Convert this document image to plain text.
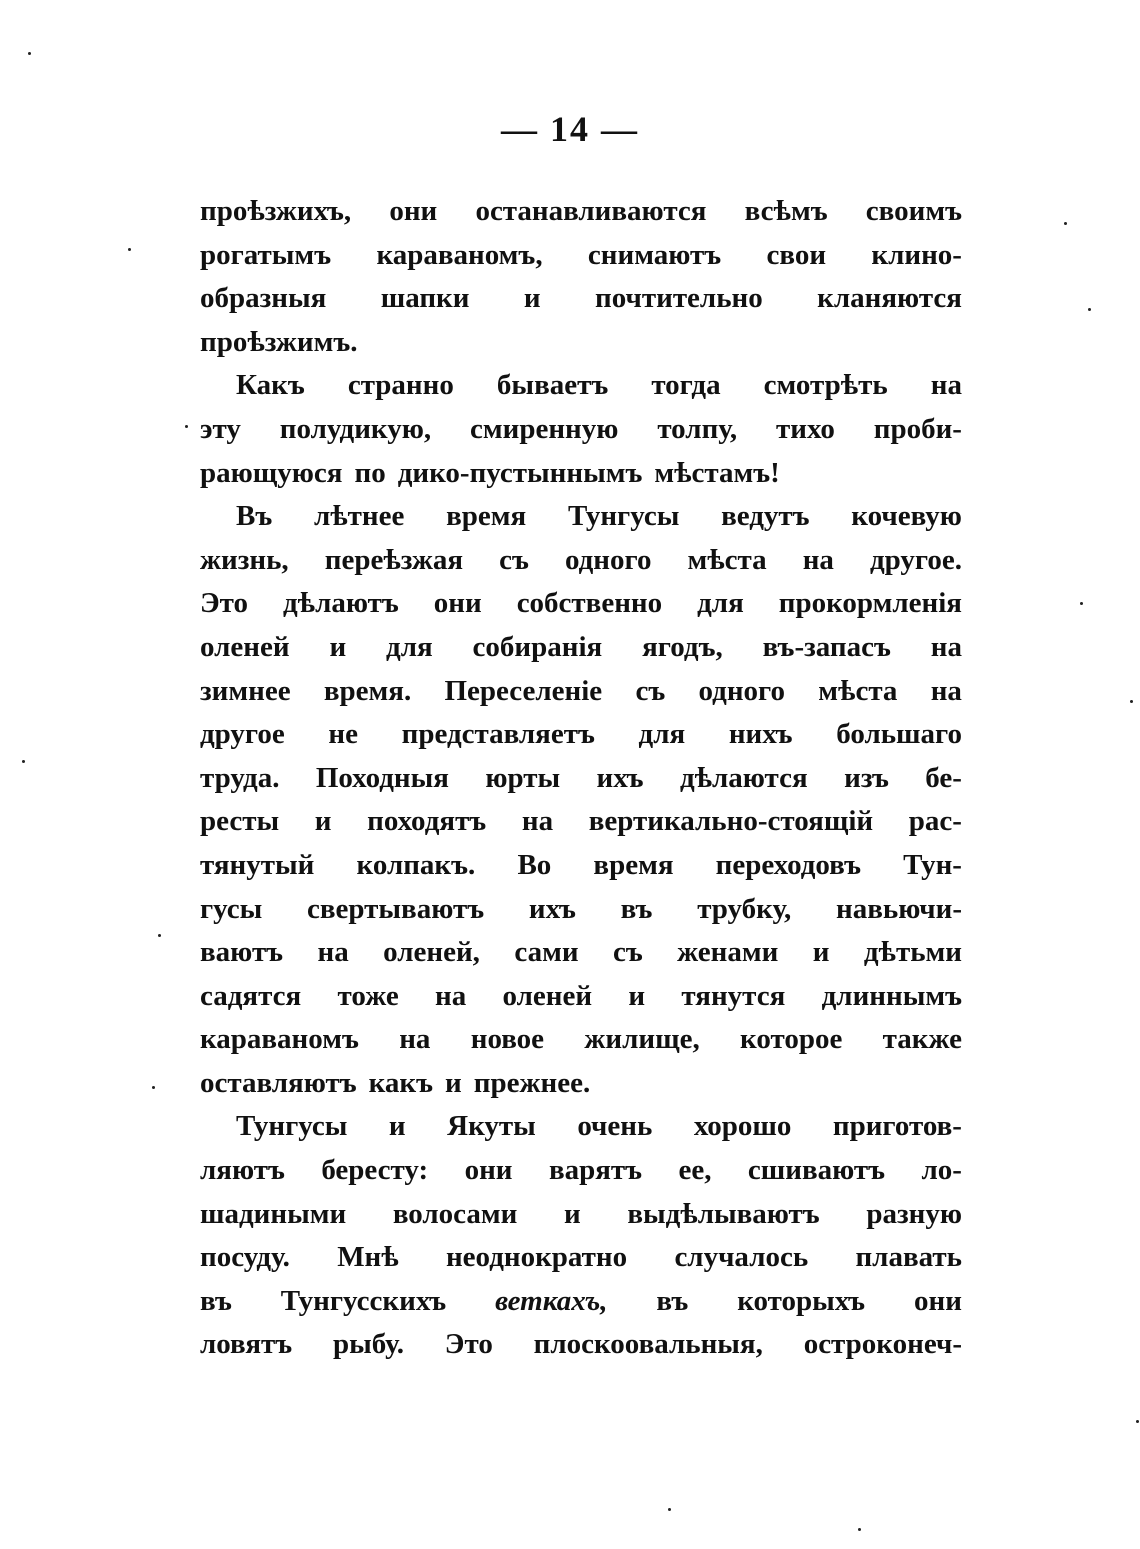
— 14 —
проѣзжихъ, они останавливаются всѣмъ своимъ
рогатымъ караваномъ, снимаютъ свои клино-
образныя шапки и почтительно кланяются
проѣзжимъ.
Какъ странно бываетъ тогда смотрѣть на
эту полудикую, смиренную толпу, тихо проби-
рающуюся по дико-пустыннымъ мѣстамъ!
Въ лѣтнее время Тунгусы ведутъ кочевую
жизнь, переѣзжая съ одного мѣста на другое.
Это дѣлаютъ они собственно для прокормленія
оленей и для собиранія ягодъ, въ-запасъ на
зимнее время. Переселеніе съ одного мѣста на
другое не представляетъ для нихъ большаго
труда. Походныя юрты ихъ дѣлаются изъ бе-
ресты и походятъ на вертикально-стоящій рас-
тянутый колпакъ. Во время переходовъ Тун-
гусы свертываютъ ихъ въ трубку, навьючи-
ваютъ на оленей, сами съ женами и дѣтьми
садятся тоже на оленей и тянутся длиннымъ
караваномъ на новое жилище, которое также
оставляютъ какъ и прежнее.
Тунгусы и Якуты очень хорошо приготов-
ляютъ бересту: они варятъ ее, сшиваютъ ло-
шадиными волосами и выдѣлываютъ разную
посуду. Мнѣ неоднократно случалось плавать
въ Тунгусскихъ веткахъ, въ которыхъ они
ловятъ рыбу. Это плоскоовальныя, остроконеч-
